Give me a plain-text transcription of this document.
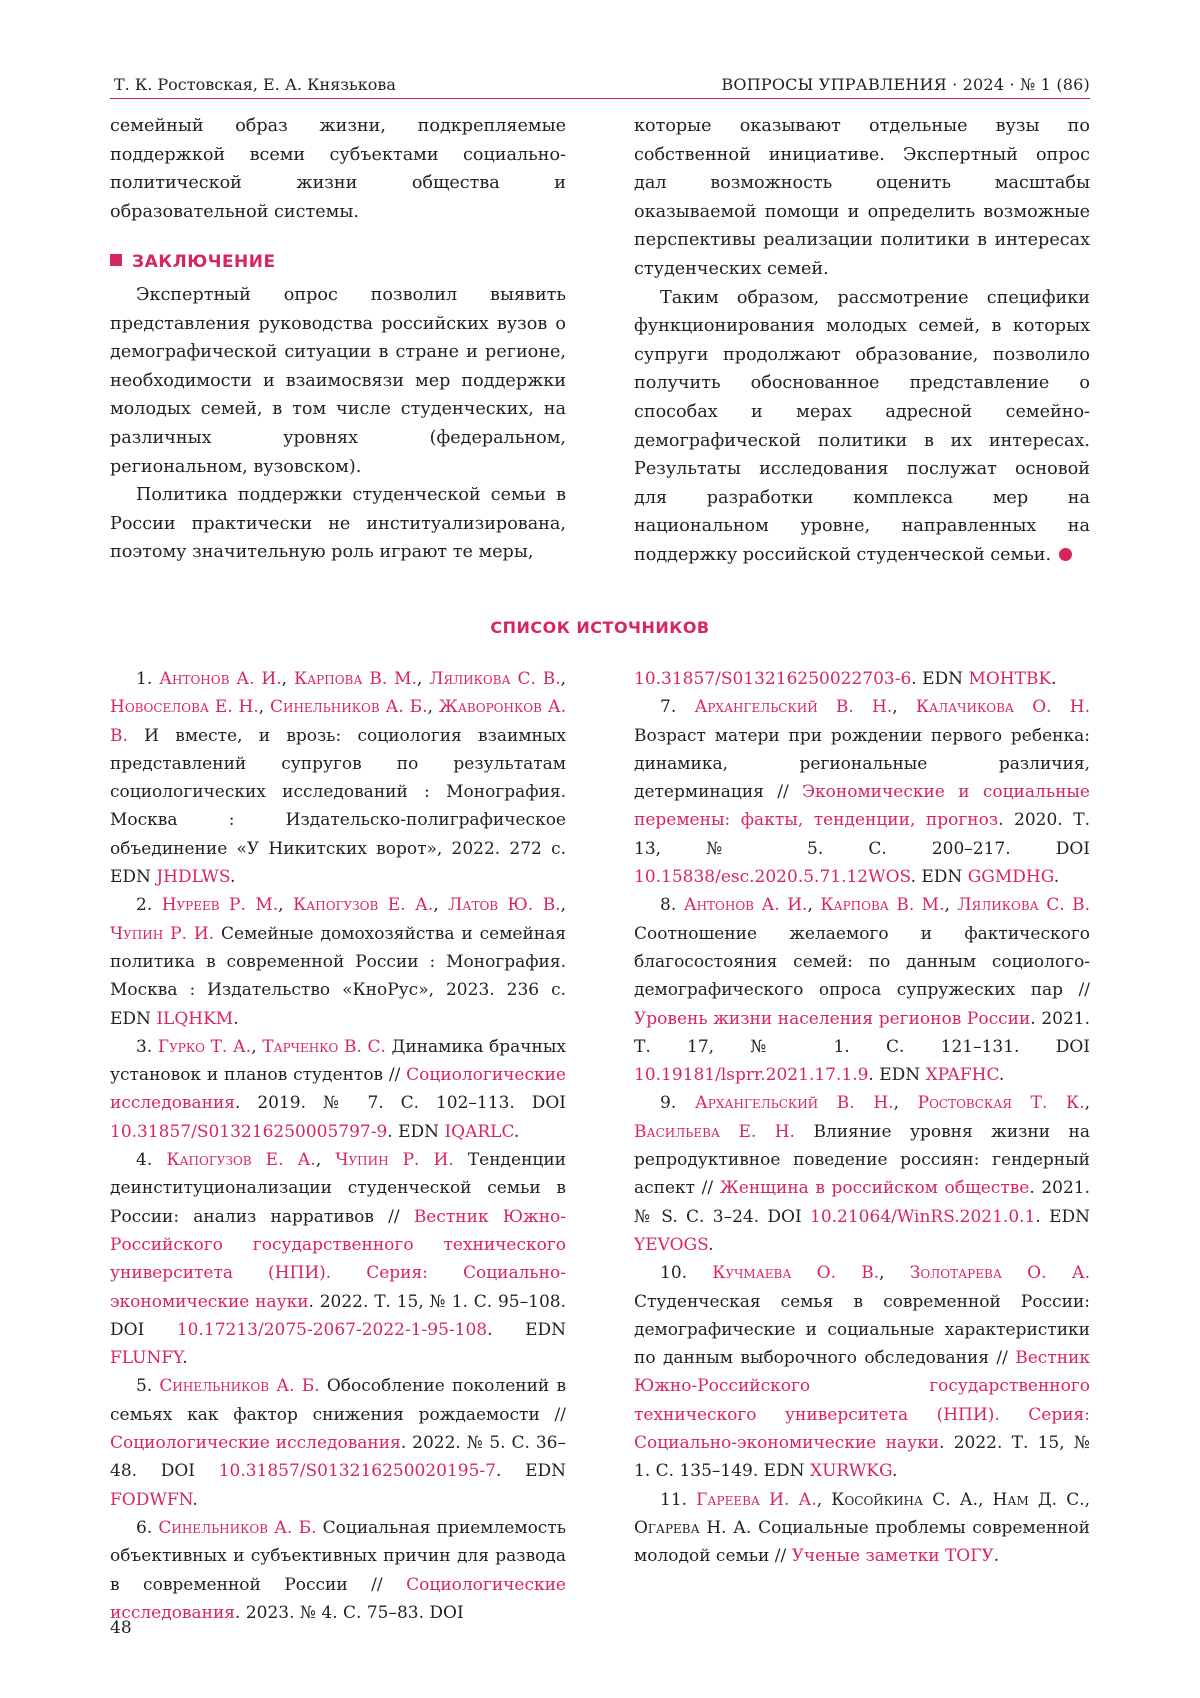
Т. К. Ростовская, Е. А. Князькова	ВОПРОСЫ УПРАВЛЕНИЯ · 2024 · № 1 (86)

семейный образ жизни, подкрепляемые поддержкой всеми субъектами социально-политической жизни общества и образовательной системы.

ЗАКЛЮЧЕНИЕ

Экспертный опрос позволил выявить представления руководства российских вузов о демографической ситуации в стране и регионе, необходимости и взаимосвязи мер поддержки молодых семей, в том числе студенческих, на различных уровнях (федеральном, региональном, вузовском).

Политика поддержки студенческой семьи в России практически не институализирована, поэтому значительную роль играют те меры,

которые оказывают отдельные вузы по собственной инициативе. Экспертный опрос дал возможность оценить масштабы оказываемой помощи и определить возможные перспективы реализации политики в интересах студенческих семей.

Таким образом, рассмотрение специфики функционирования молодых семей, в которых супруги продолжают образование, позволило получить обоснованное представление о способах и мерах адресной семейно-демографической политики в их интересах. Результаты исследования послужат основой для разработки комплекса мер на национальном уровне, направленных на поддержку российской студенческой семьи.

СПИСОК ИСТОЧНИКОВ

1. Антонов А. И., Карпова В. М., Ляликова С. В., Новоселова Е. Н., Синельников А. Б., Жаворонков А. В. И вместе, и врозь: социология взаимных представлений супругов по результатам социологических исследований : Монография. Москва : Издательско-полиграфическое объединение «У Никитских ворот», 2022. 272 с. EDN JHDLWS.

2. Нуреев Р. М., Капогузов Е. А., Латов Ю. В., Чупин Р. И. Семейные домохозяйства и семейная политика в современной России : Монография. Москва : Издательство «КноРус», 2023. 236 с. EDN ILQHKM.

3. Гурко Т. А., Тарченко В. С. Динамика брачных установок и планов студентов // Социологические исследования. 2019. № 7. С. 102–113. DOI 10.31857/S013216250005797-9. EDN IQARLC.

4. Капогузов Е. А., Чупин Р. И. Тенденции деинституционализации студенческой семьи в России: анализ нарративов // Вестник Южно-Российского государственного технического университета (НПИ). Серия: Социально-экономические науки. 2022. Т. 15, № 1. С. 95–108. DOI 10.17213/2075-2067-2022-1-95-108. EDN FLUNFY.

5. Синельников А. Б. Обособление поколений в семьях как фактор снижения рождаемости // Социологические исследования. 2022. № 5. С. 36–48. DOI 10.31857/S013216250020195-7. EDN FODWFN.

6. Синельников А. Б. Социальная приемлемость объективных и субъективных причин для развода в современной России // Социологические исследования. 2023. № 4. С. 75–83. DOI

10.31857/S013216250022703-6. EDN MOHTBK.

7. Архангельский В. Н., Калачикова О. Н. Возраст матери при рождении первого ребенка: динамика, региональные различия, детерминация // Экономические и социальные перемены: факты, тенденции, прогноз. 2020. Т. 13, № 5. С. 200–217. DOI 10.15838/esc.2020.5.71.12WOS. EDN GGMDHG.

8. Антонов А. И., Карпова В. М., Ляликова С. В. Соотношение желаемого и фактического благосостояния семей: по данным социолого-демографического опроса супружеских пар // Уровень жизни населения регионов России. 2021. Т. 17, № 1. С. 121–131. DOI 10.19181/lsprr.2021.17.1.9. EDN XPAFHC.

9. Архангельский В. Н., Ростовская Т. К., Васильева Е. Н. Влияние уровня жизни на репродуктивное поведение россиян: гендерный аспект // Женщина в российском обществе. 2021. № S. С. 3–24. DOI 10.21064/WinRS.2021.0.1. EDN YEVOGS.

10. Кучмаева О. В., Золотарева О. А. Студенческая семья в современной России: демографические и социальные характеристики по данным выборочного обследования // Вестник Южно-Российского государственного технического университета (НПИ). Серия: Социально-экономические науки. 2022. Т. 15, № 1. С. 135–149. EDN XURWKG.

11. Гареева И. А., Косойкина С. А., Нам Д. С., Огарева Н. А. Социальные проблемы современной молодой семьи // Ученые заметки ТОГУ.

48
